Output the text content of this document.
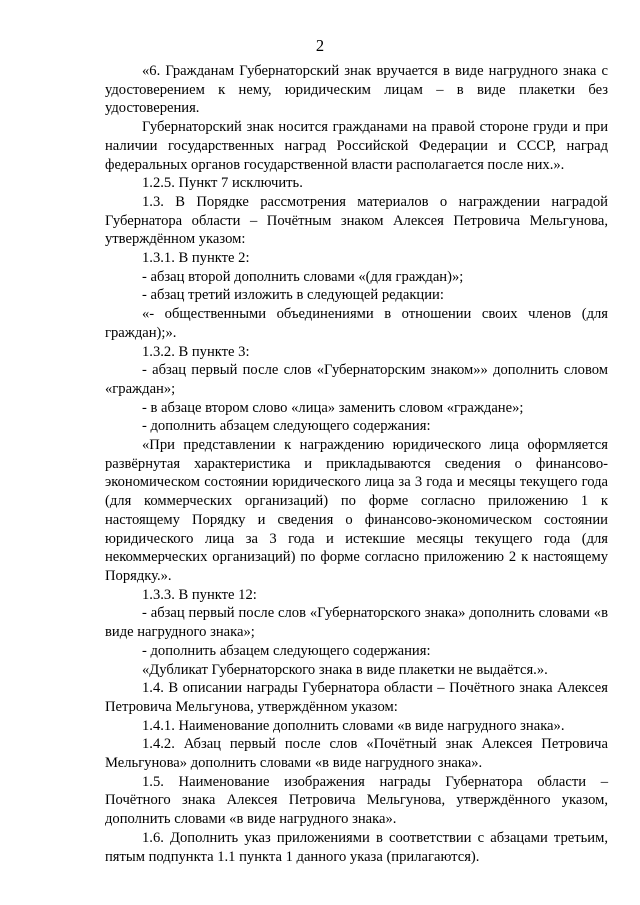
2

«6. Гражданам Губернаторский знак вручается в виде нагрудного знака с удостоверением к нему, юридическим лицам – в виде плакетки без удостоверения.

Губернаторский знак носится гражданами на правой стороне груди и при наличии государственных наград Российской Федерации и СССР, наград федеральных органов государственной власти располагается после них.».

1.2.5. Пункт 7 исключить.

1.3. В Порядке рассмотрения материалов о награждении наградой Губернатора области – Почётным знаком Алексея Петровича Мельгунова, утверждённом указом:

1.3.1. В пункте 2:

- абзац второй дополнить словами «(для граждан)»;

- абзац третий изложить в следующей редакции:

«- общественными объединениями в отношении своих членов (для граждан);».

1.3.2. В пункте 3:

- абзац первый после слов «Губернаторским знаком»» дополнить словом «граждан»;

- в абзаце втором слово «лица» заменить словом «граждане»;

- дополнить абзацем следующего содержания:

«При представлении к награждению юридического лица оформляется развёрнутая характеристика и прикладываются сведения о финансово-экономическом состоянии юридического лица за 3 года и месяцы текущего года (для коммерческих организаций) по форме согласно приложению 1 к настоящему Порядку и сведения о финансово-экономическом состоянии юридического лица за 3 года и истекшие месяцы текущего года (для некоммерческих организаций) по форме согласно приложению 2 к настоящему Порядку.».

1.3.3. В пункте 12:

- абзац первый после слов «Губернаторского знака» дополнить словами «в виде нагрудного знака»;

- дополнить абзацем следующего содержания:

«Дубликат Губернаторского знака в виде плакетки не выдаётся.».

1.4. В описании награды Губернатора области – Почётного знака Алексея Петровича Мельгунова, утверждённом указом:

1.4.1. Наименование дополнить словами «в виде нагрудного знака».

1.4.2. Абзац первый после слов «Почётный знак Алексея Петровича Мельгунова» дополнить словами «в виде нагрудного знака».

1.5. Наименование изображения награды Губернатора области – Почётного знака Алексея Петровича Мельгунова, утверждённого указом, дополнить словами «в виде нагрудного знака».

1.6. Дополнить указ приложениями в соответствии с абзацами третьим, пятым подпункта 1.1 пункта 1 данного указа (прилагаются).
